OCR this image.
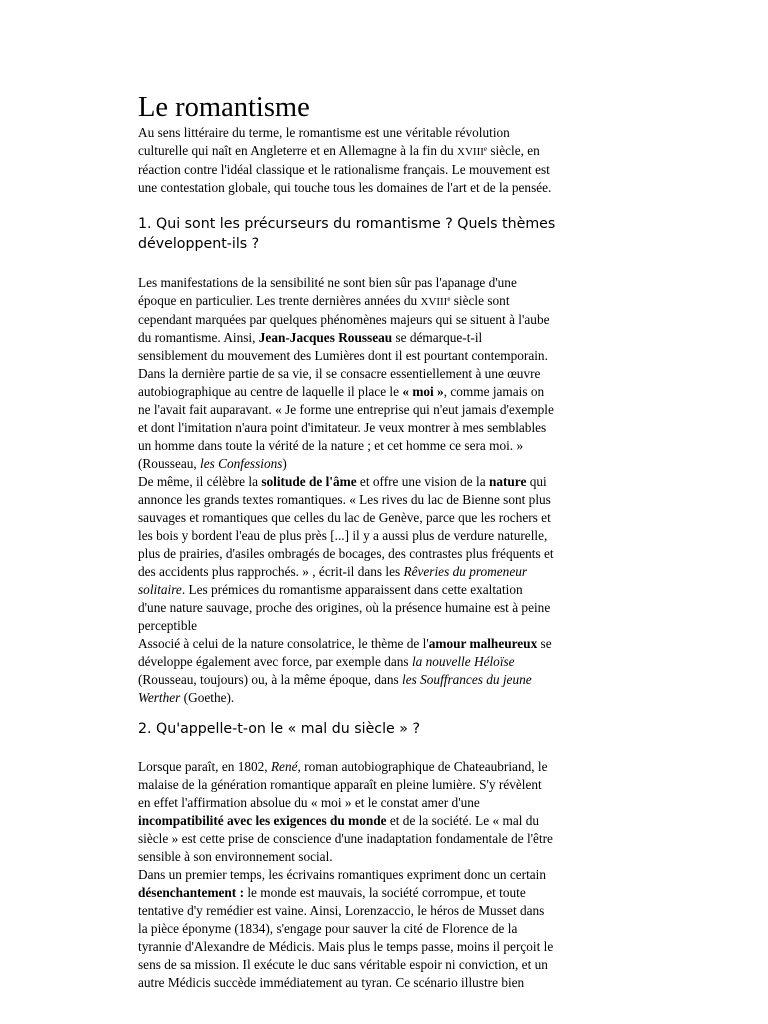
Le romantisme

Au sens littéraire du terme, le romantisme est une véritable révolution

culturelle qui naît en Angleterre et en Allemagne à la fin du XVIIIe siècle, en

réaction contre l'idéal classique et le rationalisme français. Le mouvement est

une contestation globale, qui touche tous les domaines de l'art et de la pensée.

1. Qui sont les précurseurs du romantisme ? Quels thèmes
développent-ils ?

Les manifestations de la sensibilité ne sont bien sûr pas l'apanage d'une

époque en particulier. Les trente dernières années du XVIIIe siècle sont

cependant marquées par quelques phénomènes majeurs qui se situent à l'aube

du romantisme. Ainsi, Jean-Jacques Rousseau se démarque-t-il

sensiblement du mouvement des Lumières dont il est pourtant contemporain.

Dans la dernière partie de sa vie, il se consacre essentiellement à une œuvre

autobiographique au centre de laquelle il place le « moi », comme jamais on

ne l'avait fait auparavant. « Je forme une entreprise qui n'eut jamais d'exemple

et dont l'imitation n'aura point d'imitateur. Je veux montrer à mes semblables

un homme dans toute la vérité de la nature ; et cet homme ce sera moi. »

(Rousseau, les Confessions)

De même, il célèbre la solitude de l'âme et offre une vision de la nature qui

annonce les grands textes romantiques. « Les rives du lac de Bienne sont plus

sauvages et romantiques que celles du lac de Genève, parce que les rochers et

les bois y bordent l'eau de plus près [...] il y a aussi plus de verdure naturelle,

plus de prairies, d'asiles ombragés de bocages, des contrastes plus fréquents et

des accidents plus rapprochés. » , écrit-il dans les Rêveries du promeneur

solitaire. Les prémices du romantisme apparaissent dans cette exaltation

d'une nature sauvage, proche des origines, où la présence humaine est à peine

perceptible

Associé à celui de la nature consolatrice, le thème de l'amour malheureux se

développe également avec force, par exemple dans la nouvelle Héloïse

(Rousseau, toujours) ou, à la même époque, dans les Souffrances du jeune

Werther (Goethe).

2. Qu'appelle-t-on le « mal du siècle » ?

Lorsque paraît, en 1802, René, roman autobiographique de Chateaubriand, le

malaise de la génération romantique apparaît en pleine lumière. S'y révèlent

en effet l'affirmation absolue du « moi » et le constat amer d'une

incompatibilité avec les exigences du monde et de la société. Le « mal du

siècle » est cette prise de conscience d'une inadaptation fondamentale de l'être

sensible à son environnement social.

Dans un premier temps, les écrivains romantiques expriment donc un certain

désenchantement : le monde est mauvais, la société corrompue, et toute

tentative d'y remédier est vaine. Ainsi, Lorenzaccio, le héros de Musset dans

la pièce éponyme (1834), s'engage pour sauver la cité de Florence de la

tyrannie d'Alexandre de Médicis. Mais plus le temps passe, moins il perçoit le

sens de sa mission. Il exécute le duc sans véritable espoir ni conviction, et un

autre Médicis succède immédiatement au tyran. Ce scénario illustre bien
